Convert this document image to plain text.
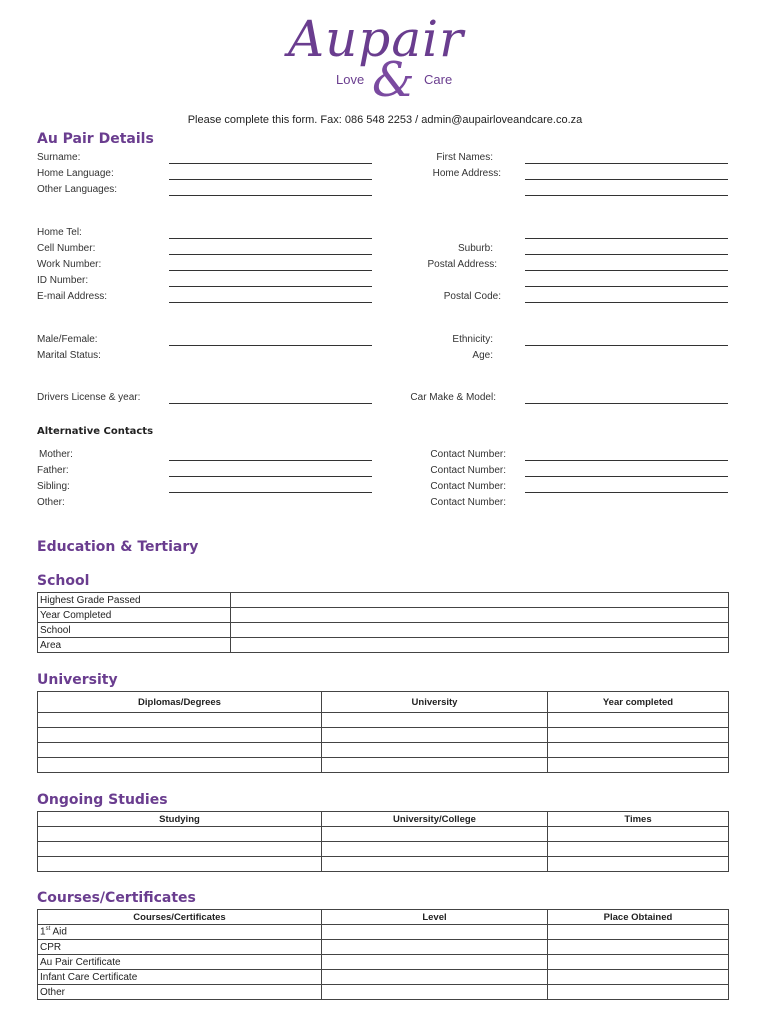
Aupair
&
Love	Care
Please complete this form. Fax: 086 548 2253 / admin@aupairloveandcare.co.za
Au Pair Details
Surname:
Home Language:
Other Languages:
Home Tel:
Cell Number:
Work Number:
ID Number:
E-mail Address:
Male/Female:
Marital Status:
Drivers License & year:
First Names:
Home Address:
Suburb:
Postal Address:
Postal Code:
Ethnicity:
Age:
Car Make & Model:
Alternative Contacts
Mother:
Father:
Sibling:
Other:
Contact Number:
Contact Number:
Contact Number:
Contact Number:
Education & Tertiary
School
Highest Grade Passed	
Year Completed	
School	
Area	
University
Diplomas/Degrees	University	Year completed

Ongoing Studies
Studying	University/College	Times

Courses/Certificates
Courses/Certificates	Level	Place Obtained
1st Aid		
CPR		
Au Pair Certificate		
Infant Care Certificate		
Other		
